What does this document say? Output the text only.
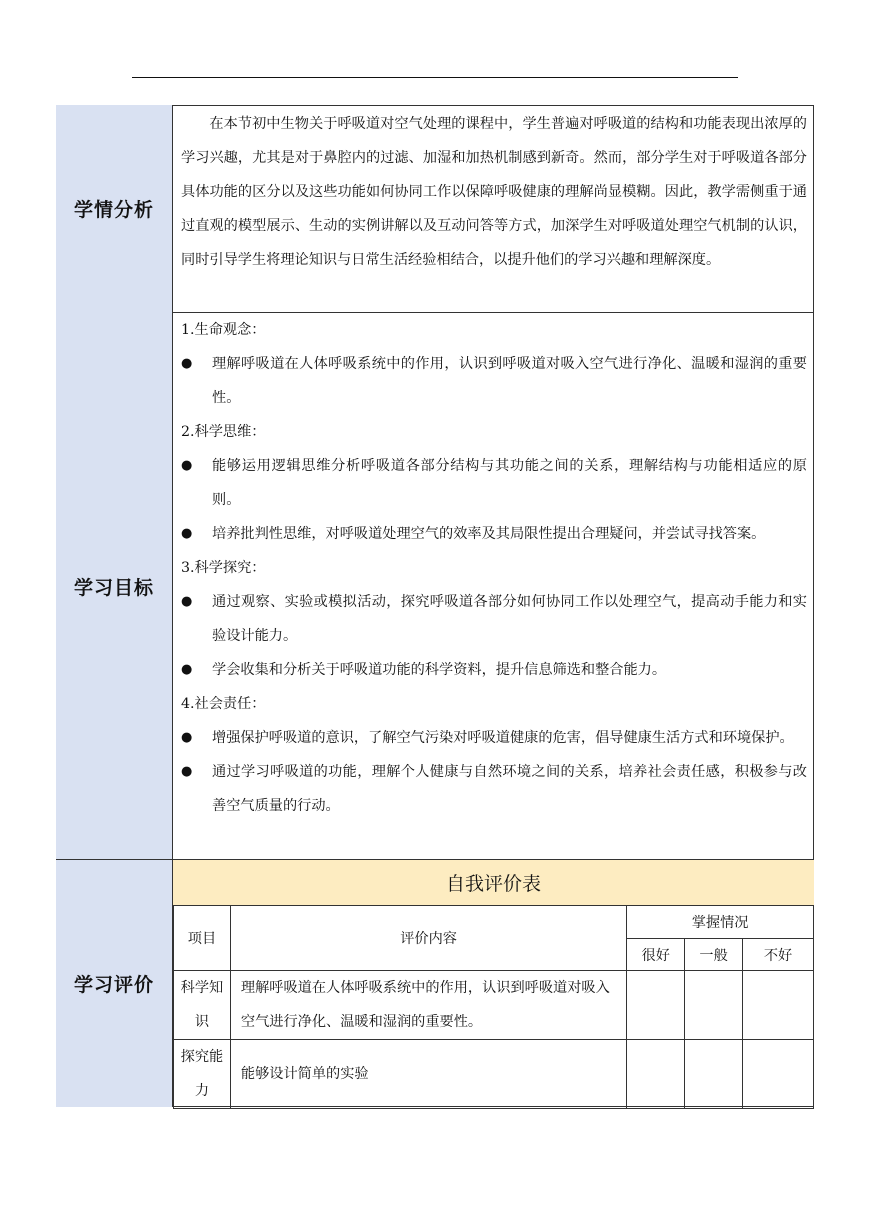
学情分析

在本节初中生物关于呼吸道对空气处理的课程中，学生普遍对呼吸道的结构和功能表现出浓厚的学习兴趣，尤其是对于鼻腔内的过滤、加湿和加热机制感到新奇。然而，部分学生对于呼吸道各部分具体功能的区分以及这些功能如何协同工作以保障呼吸健康的理解尚显模糊。因此，教学需侧重于通过直观的模型展示、生动的实例讲解以及互动问答等方式，加深学生对呼吸道处理空气机制的认识，同时引导学生将理论知识与日常生活经验相结合，以提升他们的学习兴趣和理解深度。

学习目标
1.生命观念：
●	理解呼吸道在人体呼吸系统中的作用，认识到呼吸道对吸入空气进行净化、温暖和湿润的重要性。
2.科学思维：
●	能够运用逻辑思维分析呼吸道各部分结构与其功能之间的关系，理解结构与功能相适应的原则。
●	培养批判性思维，对呼吸道处理空气的效率及其局限性提出合理疑问，并尝试寻找答案。
3.科学探究：
●	通过观察、实验或模拟活动，探究呼吸道各部分如何协同工作以处理空气，提高动手能力和实验设计能力。
●	学会收集和分析关于呼吸道功能的科学资料，提升信息筛选和整合能力。
4.社会责任：
●	增强保护呼吸道的意识，了解空气污染对呼吸道健康的危害，倡导健康生活方式和环境保护。
●	通过学习呼吸道的功能，理解个人健康与自然环境之间的关系，培养社会责任感，积极参与改善空气质量的行动。
学习评价
自我评价表
项目	评价内容	掌握情况		
		很好	一般	不好
科学知识	理解呼吸道在人体呼吸系统中的作用，认识到呼吸道对吸入空气进行净化、温暖和湿润的重要性。			
探究能力	能够设计简单的实验			
